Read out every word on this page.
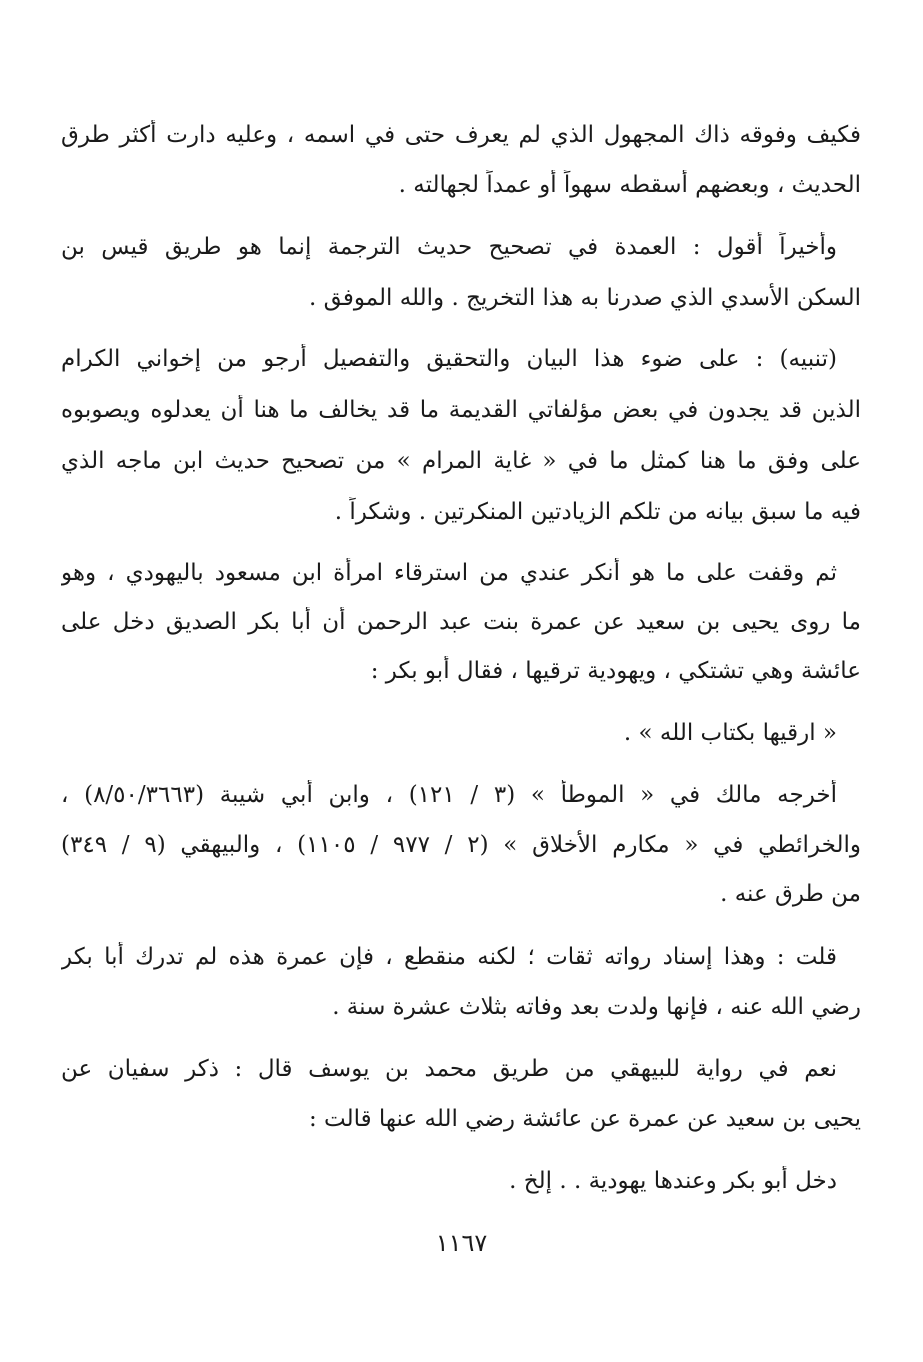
فكيف وفوقه ذاك المجهول الذي لم يعرف حتى في اسمه ، وعليه دارت أكثر طرق
الحديث ، وبعضهم أسقطه سهواً أو عمداً لجهالته .
وأخيراً أقول : العمدة في تصحيح حديث الترجمة إنما هو طريق قيس بن
السكن الأسدي الذي صدرنا به هذا التخريج . والله الموفق .
(تنبيه) : على ضوء هذا البيان والتحقيق والتفصيل أرجو من إخواني الكرام
الذين قد يجدون في بعض مؤلفاتي القديمة ما قد يخالف ما هنا أن يعدلوه ويصوبوه
على وفق ما هنا كمثل ما في « غاية المرام » من تصحيح حديث ابن ماجه الذي
فيه ما سبق بيانه من تلكم الزيادتين المنكرتين . وشكراً .
ثم وقفت على ما هو أنكر عندي من استرقاء امرأة ابن مسعود باليهودي ، وهو
ما روى يحيى بن سعيد عن عمرة بنت عبد الرحمن أن أبا بكر الصديق دخل على
عائشة وهي تشتكي ، ويهودية ترقيها ، فقال أبو بكر :
« ارقيها بكتاب الله » .
أخرجه مالك في « الموطأ » (٣ / ١٢١) ، وابن أبي شيبة (٨/٥٠/٣٦٦٣) ،
والخرائطي في « مكارم الأخلاق » (٢ / ٩٧٧ / ١١٠٥) ، والبيهقي (٩ / ٣٤٩)
من طرق عنه .
قلت : وهذا إسناد رواته ثقات ؛ لكنه منقطع ، فإن عمرة هذه لم تدرك أبا بكر
رضي الله عنه ، فإنها ولدت بعد وفاته بثلاث عشرة سنة .
نعم في رواية للبيهقي من طريق محمد بن يوسف قال : ذكر سفيان عن
يحيى بن سعيد عن عمرة عن عائشة رضي الله عنها قالت :
دخل أبو بكر وعندها يهودية . . إلخ .
١١٦٧
